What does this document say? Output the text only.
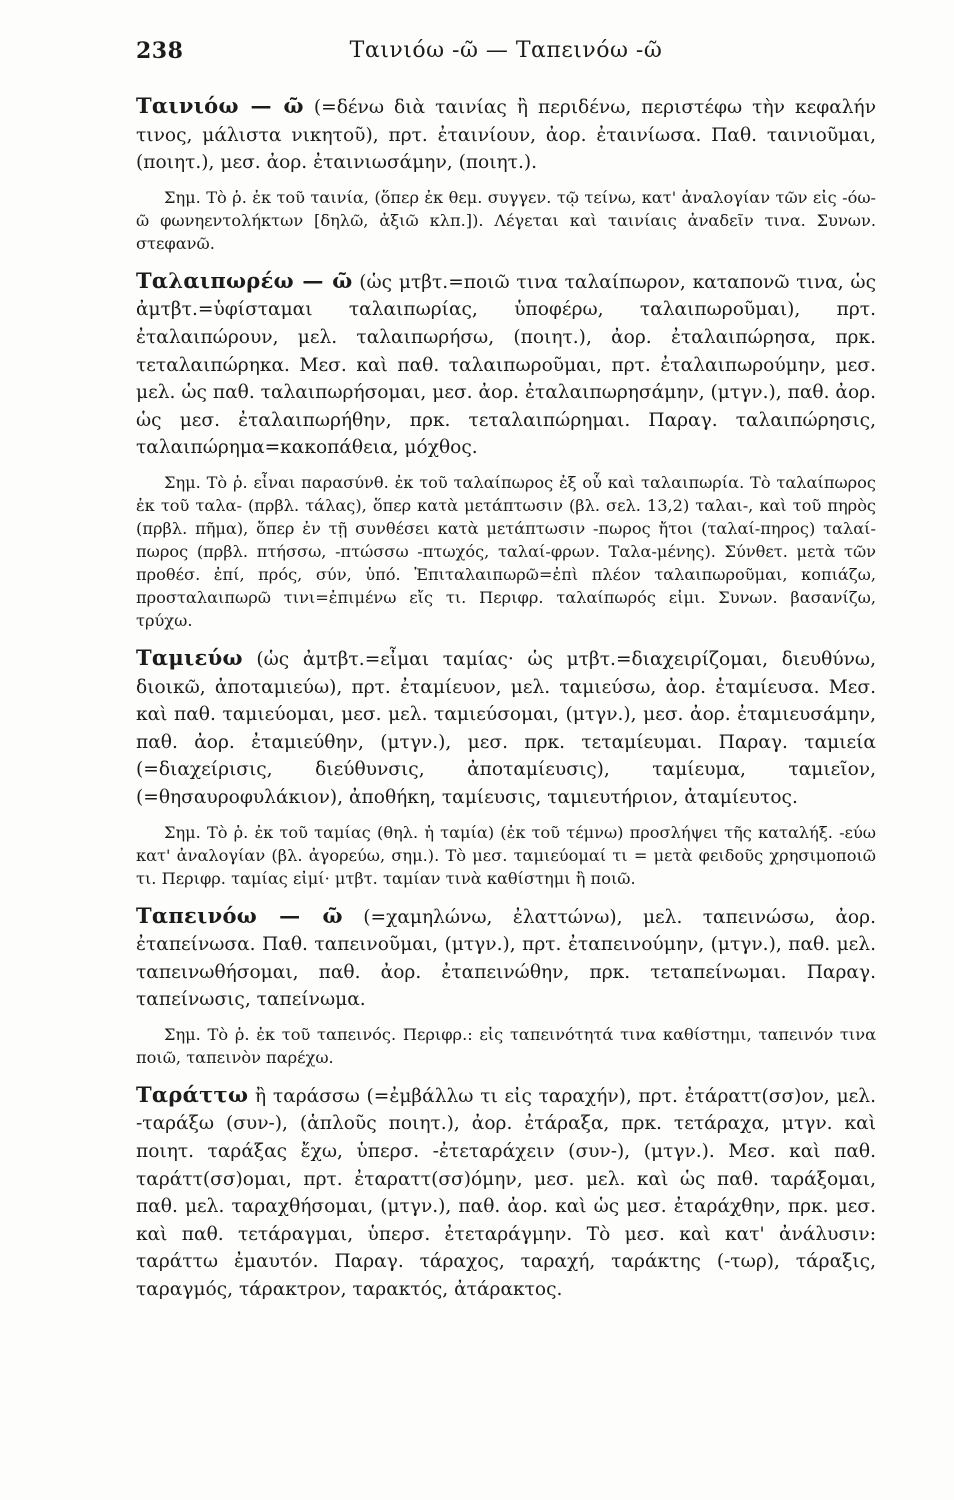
238	Ταινιόω -ῶ — Ταπεινόω -ῶ

Ταινιόω — ῶ (=δένω διὰ ταινίας ἢ περιδένω, περιστέφω τὴν κεφαλήν τινος, μάλιστα νικητοῦ), πρτ. ἐταινίουν, ἀορ. ἐταινίωσα. Παθ. ταινιοῦμαι, (ποιητ.), μεσ. ἀορ. ἐταινιωσάμην, (ποιητ.).

Σημ. Τὸ ῥ. ἐκ τοῦ ταινία, (ὅπερ ἐκ θεμ. συγγεν. τῷ τείνω, κατ' ἀναλογίαν τῶν εἰς -όω-ῶ φωνηεντολήκτων [δηλῶ, ἀξιῶ κλπ.]). Λέγεται καὶ ταινίαις ἀναδεῖν τινα. Συνων. στεφανῶ.

Ταλαιπωρέω — ῶ (ὡς μτβτ.=ποιῶ τινα ταλαίπωρον, καταπονῶ τινα, ὡς ἀμτβτ.=ὑφίσταμαι ταλαιπωρίας, ὑποφέρω, ταλαιπωροῦμαι), πρτ. ἐταλαιπώρουν, μελ. ταλαιπωρήσω, (ποιητ.), ἀορ. ἐταλαιπώρησα, πρκ. τεταλαιπώρηκα. Μεσ. καὶ παθ. ταλαιπωροῦμαι, πρτ. ἐταλαιπωρούμην, μεσ. μελ. ὡς παθ. ταλαιπωρήσομαι, μεσ. ἀορ. ἐταλαιπωρησάμην, (μτγν.), παθ. ἀορ. ὡς μεσ. ἐταλαιπωρήθην, πρκ. τεταλαιπώρημαι. Παραγ. ταλαιπώρησις, ταλαιπώρημα=κακοπάθεια, μόχθος.

Σημ. Τὸ ῥ. εἶναι παρασύνθ. ἐκ τοῦ ταλαίπωρος ἐξ οὗ καὶ ταλαιπωρία. Τὸ ταλαίπωρος ἐκ τοῦ ταλα- (πρβλ. τάλας), ὅπερ κατὰ μετάπτωσιν (βλ. σελ. 13,2) ταλαι-, καὶ τοῦ πηρὸς (πρβλ. πῆμα), ὅπερ ἐν τῇ συνθέσει κατὰ μετάπτωσιν -πωρος ἤτοι (ταλαί-πηρος) ταλαί-πωρος (πρβλ. πτήσσω, -πτώσσω -πτωχός, ταλαί-φρων. Ταλα-μένης). Σύνθετ. μετὰ τῶν προθέσ. ἐπί, πρός, σύν, ὑπό. Ἐπιταλαιπωρῶ=ἐπὶ πλέον ταλαιπωροῦμαι, κοπιάζω, προσταλαιπωρῶ τινι=ἐπιμένω εἴς τι. Περιφρ. ταλαίπωρός εἰμι. Συνων. βασανίζω, τρύχω.

Ταμιεύω (ὡς ἀμτβτ.=εἶμαι ταμίας· ὡς μτβτ.=διαχειρίζομαι, διευθύνω, διοικῶ, ἀποταμιεύω), πρτ. ἐταμίευον, μελ. ταμιεύσω, ἀορ. ἐταμίευσα. Μεσ. καὶ παθ. ταμιεύομαι, μεσ. μελ. ταμιεύσομαι, (μτγν.), μεσ. ἀορ. ἐταμιευσάμην, παθ. ἀορ. ἐταμιεύθην, (μτγν.), μεσ. πρκ. τεταμίευμαι. Παραγ. ταμιεία (=διαχείρισις, διεύθυνσις, ἀποταμίευσις), ταμίευμα, ταμιεῖον, (=θησαυροφυλάκιον), ἀποθήκη, ταμίευσις, ταμιευτήριον, ἀταμίευτος.

Σημ. Τὸ ῥ. ἐκ τοῦ ταμίας (θηλ. ἡ ταμία) (ἐκ τοῦ τέμνω) προσλήψει τῆς καταλήξ. -εύω κατ' ἀναλογίαν (βλ. ἀγορεύω, σημ.). Τὸ μεσ. ταμιεύομαί τι = μετὰ φειδοῦς χρησιμοποιῶ τι. Περιφρ. ταμίας εἰμί· μτβτ. ταμίαν τινὰ καθίστημι ἢ ποιῶ.

Ταπεινόω — ῶ (=χαμηλώνω, ἐλαττώνω), μελ. ταπεινώσω, ἀορ. ἐταπείνωσα. Παθ. ταπεινοῦμαι, (μτγν.), πρτ. ἐταπεινούμην, (μτγν.), παθ. μελ. ταπεινωθήσομαι, παθ. ἀορ. ἐταπεινώθην, πρκ. τεταπείνωμαι. Παραγ. ταπείνωσις, ταπείνωμα.

Σημ. Τὸ ῥ. ἐκ τοῦ ταπεινός. Περιφρ.: εἰς ταπεινότητά τινα καθίστημι, ταπεινόν τινα ποιῶ, ταπεινὸν παρέχω.

Ταράττω ἢ ταράσσω (=ἐμβάλλω τι εἰς ταραχήν), πρτ. ἐτάραττ(σσ)ον, μελ. -ταράξω (συν-), (ἁπλοῦς ποιητ.), ἀορ. ἐτάραξα, πρκ. τετάραχα, μτγν. καὶ ποιητ. ταράξας ἔχω, ὑπερσ. -ἐτεταράχειν (συν-), (μτγν.). Μεσ. καὶ παθ. ταράττ(σσ)ομαι, πρτ. ἐταραττ(σσ)όμην, μεσ. μελ. καὶ ὡς παθ. ταράξομαι, παθ. μελ. ταραχθήσομαι, (μτγν.), παθ. ἀορ. καὶ ὡς μεσ. ἐταράχθην, πρκ. μεσ. καὶ παθ. τετάραγμαι, ὑπερσ. ἐτεταράγμην. Τὸ μεσ. καὶ κατ' ἀνάλυσιν: ταράττω ἐμαυτόν. Παραγ. τάραχος, ταραχή, ταράκτης (-τωρ), τάραξις, ταραγμός, τάρακτρον, ταρακτός, ἀτάρακτος.
